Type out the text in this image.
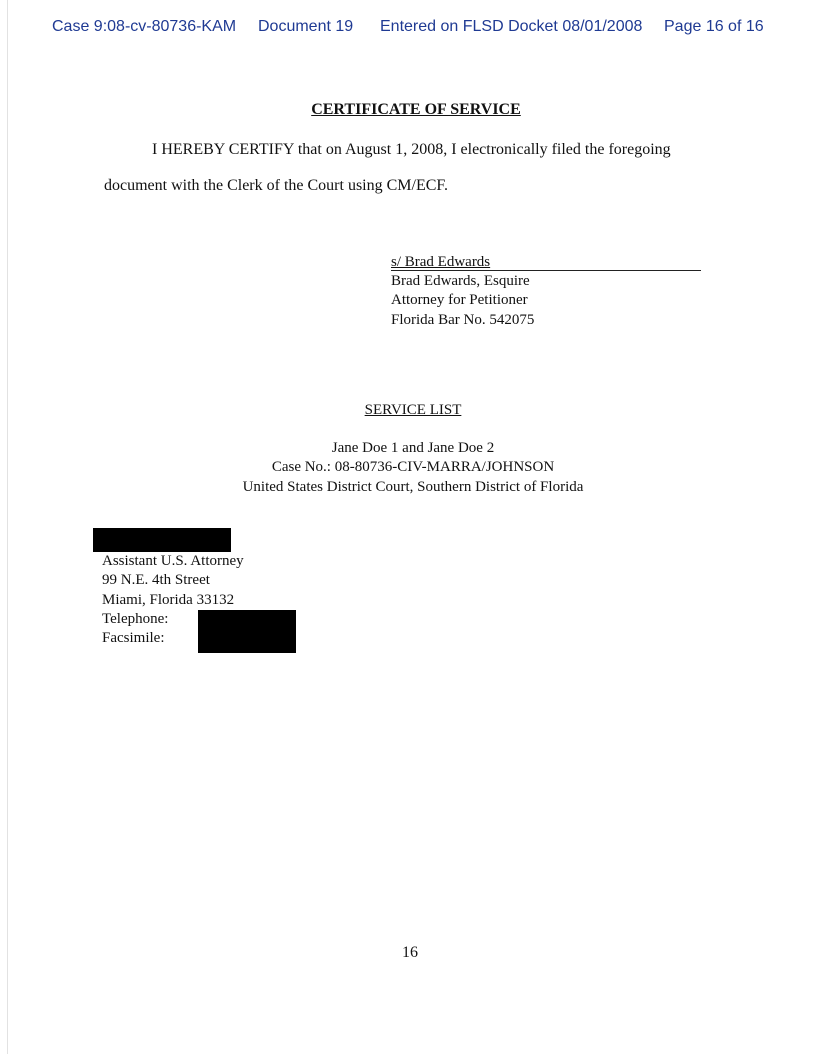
Case 9:08-cv-80736-KAM Document 19 Entered on FLSD Docket 08/01/2008 Page 16 of 16
CERTIFICATE OF SERVICE
I HEREBY CERTIFY that on August 1, 2008, I electronically filed the foregoing
document with the Clerk of the Court using CM/ECF.
s/ Brad Edwards
Brad Edwards, Esquire
Attorney for Petitioner
Florida Bar No. 542075
SERVICE LIST
Jane Doe 1 and Jane Doe 2
Case No.: 08-80736-CIV-MARRA/JOHNSON
United States District Court, Southern District of Florida
Assistant U.S. Attorney
99 N.E. 4th Street
Miami, Florida 33132
Telephone:
Facsimile:
16
